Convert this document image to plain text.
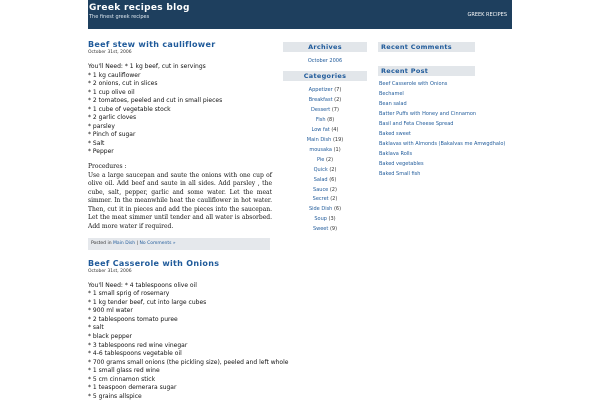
Greek recipes blog
The finest greek recipes	GREEK RECIPES
Beef stew with cauliflower
October 31st, 2006
You'll Need: * 1 kg beef, cut in servings
* 1 kg cauliflower
* 2 onions, cut in slices
* 1 cup olive oil
* 2 tomatoes, peeled and cut in small pieces
* 1 cube of vegetable stock
* 2 garlic cloves
* parsley
* Pinch of sugar
* Salt
* Pepper
Procedures :
Use a large saucepan and saute the onions with one cup of olive oil. Add beef and saute in all sides. Add parsley , the cube, salt, pepper, garlic and some water. Let the meat simmer. In the meanwhile heat the cauliflower in hot water. Then, cut it in pieces and add the pieces into the saucepan. Let the meat simmer until tender and all water is absorbed. Add more water if required.
Posted in Main Dish | No Comments »
Beef Casserole with Onions
October 31st, 2006
You'll Need: * 4 tablespoons olive oil
* 1 small sprig of rosemary
* 1 kg tender beef, cut into large cubes
* 900 ml water
* 2 tablespoons tomato puree
* salt
* black pepper
* 3 tablespoons red wine vinegar
* 4-6 tablespoons vegetable oil
* 700 grams small onions (the pickling size), peeled and left whole
* 1 small glass red wine
* 5 cm cinnamon stick
* 1 teaspoon demerara sugar
* 5 grains allspice
Archives
October 2006
Categories
Appetizer (7)
Breakfast (2)
Dessert (7)
Fish (8)
Low fat (4)
Main Dish (19)
mousaka (1)
Pie (2)
Quick (2)
Salad (6)
Sauce (2)
Secret (2)
Side Dish (6)
Soup (3)
Sweet (9)
Recent Comments
Recent Post
Beef Casserole with Onions
Bechamel
Bean salad
Batter Puffs with Honey and Cinnamon
Basil and Feta Cheese Spread
Baked sweet
Baklavas with Almonds (Bakalvas me Amwgdhalo)
Baklava Rolls
Baked vegetables
Baked Small fish
